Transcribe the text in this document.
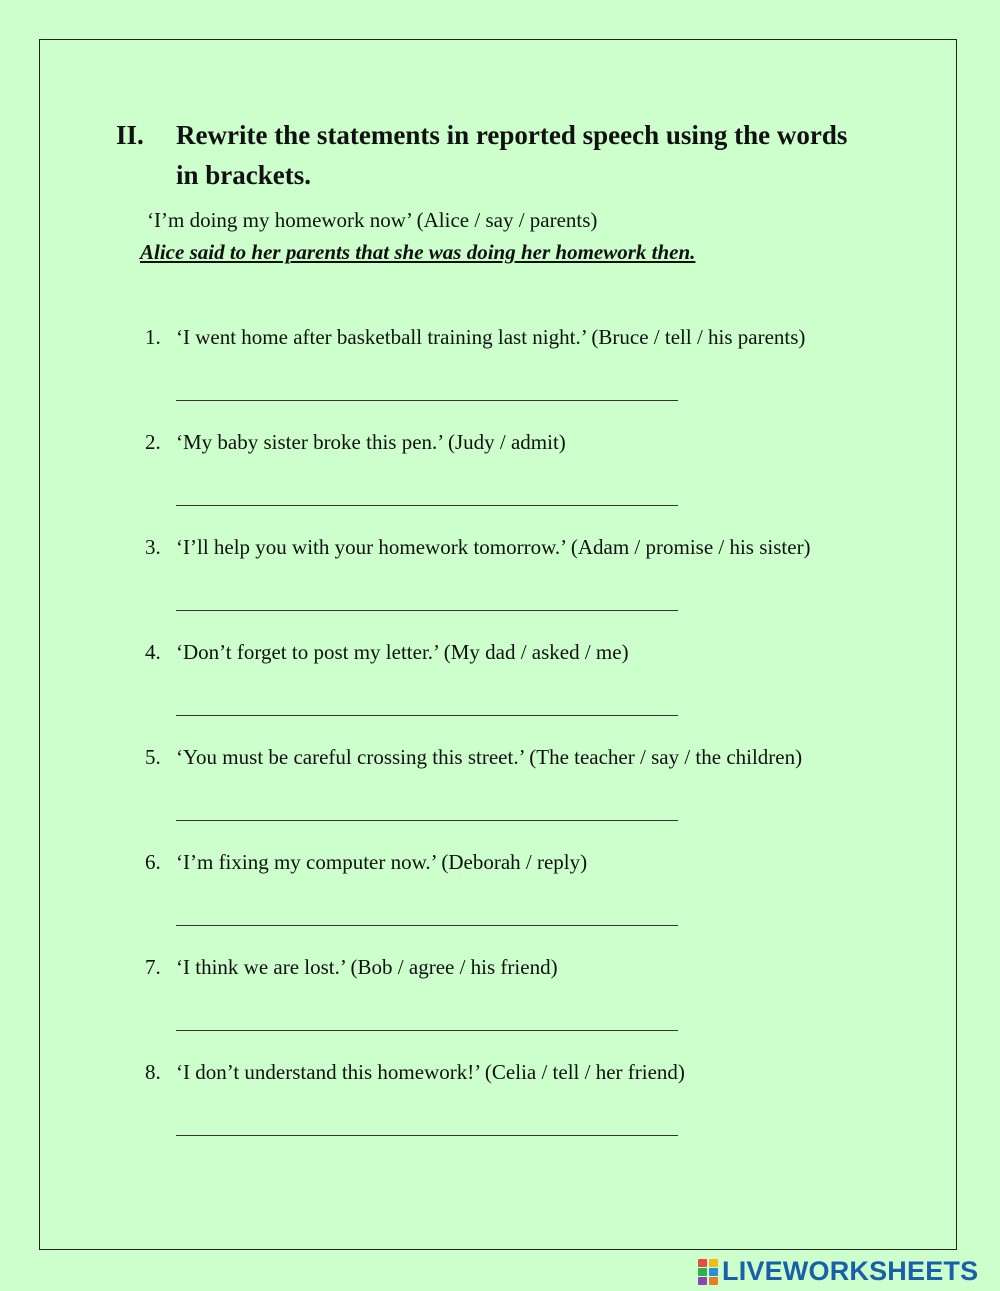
II. Rewrite the statements in reported speech using the words in brackets.
‘I’m doing my homework now’ (Alice / say / parents)
Alice said to her parents that she was doing her homework then.
1. ‘I went home after basketball training last night.’ (Bruce / tell / his parents)
2. ‘My baby sister broke this pen.’ (Judy / admit)
3. ‘I’ll help you with your homework tomorrow.’ (Adam / promise / his sister)
4. ‘Don’t forget to post my letter.’ (My dad / asked / me)
5. ‘You must be careful crossing this street.’ (The teacher / say / the children)
6. ‘I’m fixing my computer now.’ (Deborah / reply)
7. ‘I think we are lost.’ (Bob / agree / his friend)
8. ‘I don’t understand this homework!’ (Celia / tell / her friend)
LIVEWORKSHEETS
